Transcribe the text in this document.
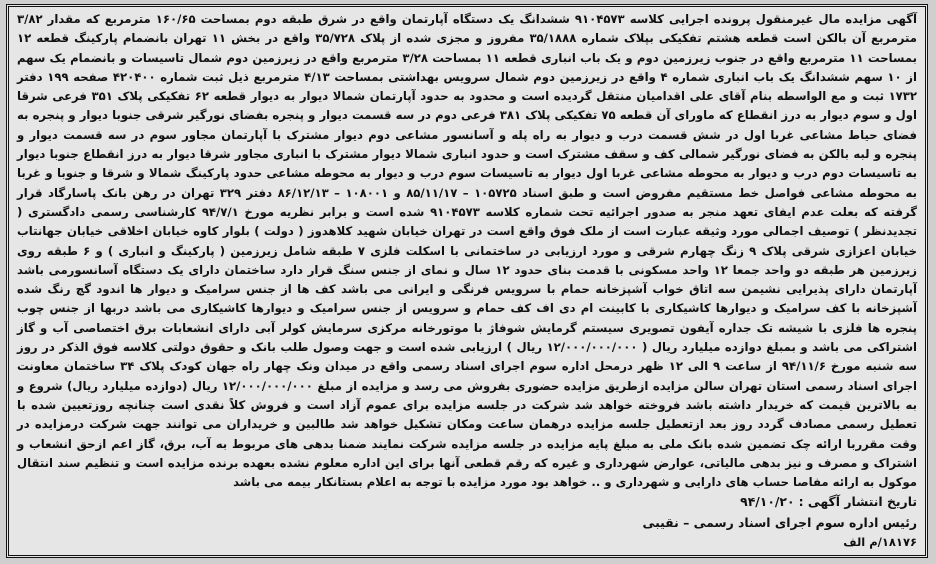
آگهی مزایده مال غیرمنقول پرونده اجرایی کلاسه ۹۱۰۴۵۷۳ ششدانگ یک دستگاه آپارتمان واقع در شرق طبقه دوم بمساحت ۱۶۰/۶۵ مترمربع که مقدار ۳/۸۲ مترمربع آن بالکن است قطعه هشتم تفکیکی بپلاک شماره ۳۵/۱۸۸۸ مفروز و مجزی شده از پلاک ۳۵/۷۲۸ واقع در بخش ۱۱ تهران بانضمام پارکینگ قطعه ۱۲ بمساحت ۱۱ مترمربع واقع در جنوب زیرزمین دوم و یک باب انباری قطعه ۱۱ بمساحت ۳/۲۸ مترمربع واقع در زیرزمین دوم شمال تاسیسات و بانضمام یک سهم از ۱۰ سهم ششدانگ یک باب انباری شماره ۴ واقع در زیرزمین دوم شمال سرویس بهداشتی بمساحت ۴/۱۳ مترمربع ذیل ثبت شماره ۴۲۰۴۰۰ صفحه ۱۹۹ دفتر ۱۷۳۲ ثبت و مع الواسطه بنام آقای علی اقدامیان منتقل گردیده است و محدود به حدود آپارتمان شمالا دیوار به دیوار قطعه ۶۲ تفکیکی پلاک ۳۵۱ فرعی شرقا اول و سوم دیوار به درز انقطاع که ماورای آن قطعه ۷۵ تفکیکی پلاک ۳۸۱ فرعی دوم در سه قسمت دیوار و پنجره بفضای نورگیر شرقی جنوبا دیوار و پنجره به فضای حیاط مشاعی غربا اول در شش قسمت درب و دیوار به راه پله و آسانسور مشاعی دوم دیوار مشترک با آپارتمان مجاور سوم در سه قسمت دیوار و پنجره و لبه بالکن به فضای نورگیر شمالی کف و سقف مشترک است و حدود انباری شمالا دیوار مشترک با انباری مجاور شرقا دیوار به درز انقطاع جنوبا دیوار به تاسیسات دوم درب و دیوار به محوطه مشاعی غربا اول دیوار به تاسیسات سوم درب و دیوار به محوطه مشاعی حدود پارکینگ شمالا و شرقا و جنوبا و غربا به محوطه مشاعی فواصل خط مستقیم مفروض است و طبق اسناد ۱۰۵۷۲۵ – ۸۵/۱۱/۱۷ و ۱۰۸۰۰۱ – ۸۶/۱۲/۱۳ دفتر ۳۲۹ تهران در رهن بانک پاسارگاد قرار گرفته که بعلت عدم ایفای تعهد منجر به صدور اجرائیه تحت شماره کلاسه ۹۱۰۴۵۷۳ شده است و برابر نظریه مورخ ۹۴/۷/۱ کارشناسی رسمی دادگستری ( تجدیدنظر ) توصیف اجمالی مورد وثیقه عبارت است از ملک فوق واقع است در تهران خیابان شهید کلاهدوز ( دولت ) بلوار کاوه خیابان اخلاقی خیابان جهانتاب خیابان اعزازی شرقی پلاک ۹ زنگ چهارم شرقی و مورد ارزیابی در ساختمانی با اسکلت فلزی ۷ طبقه شامل زیرزمین ( پارکینگ و انباری ) و ۶ طبقه روی زیرزمین هر طبقه دو واحد جمعا ۱۲ واحد مسکونی با قدمت بنای حدود ۱۲ سال و نمای از جنس سنگ قرار دارد ساختمان دارای یک دستگاه آسانسورمی باشد آپارتمان دارای پذیرایی نشیمن سه اتاق خواب آشپزخانه حمام با سرویس فرنگی و ایرانی می باشد کف ها از جنس سرامیک و دیوار ها اندود گچ رنگ شده آشپزخانه با کف سرامیک و دیوارها کاشیکاری با کابینت ام دی اف کف حمام و سرویس از جنس سرامیک و دیوارها کاشیکاری می باشد دربها از جنس چوب پنجره ها فلزی با شیشه تک جداره آیفون تصویری سیستم گرمایش شوفاژ با موتورخانه مرکزی سرمایش کولر آبی دارای انشعابات برق اختصاصی آب و گاز اشتراکی می باشد و بمبلغ دوازده میلیارد ریال ( ۱۲/۰۰۰/۰۰۰/۰۰۰ ریال ) ارزیابی شده است و جهت وصول طلب بانک و حقوق دولتی کلاسه فوق الذکر در روز سه شنبه مورخ ۹۴/۱۱/۶ از ساعت ۹ الی ۱۲ ظهر درمحل اداره سوم اجرای اسناد رسمی واقع در میدان ونک چهار راه جهان کودک پلاک ۳۴ ساختمان معاونت اجرای اسناد رسمی استان تهران سالن مزایده ازطریق مزایده حضوری بفروش می رسد و مزایده از مبلغ ۱۲/۰۰۰/۰۰۰/۰۰۰ ریال (دوازده میلیارد ریال) شروع و به بالاترین قیمت که خریدار داشته باشد فروخته خواهد شد شرکت در جلسه مزایده برای عموم آزاد است و فروش کلاً نقدی است چنانچه روزتعیین شده با تعطیل رسمی مصادف گردد روز بعد ازتعطیل جلسه مزایده درهمان ساعت ومکان تشکیل خواهد شد طالبین و خریداران می توانند جهت شرکت درمزایده در وقت مقرربا ارائه چک تضمین شده بانک ملی به مبلغ پایه مزایده در جلسه مزایده شرکت نمایند ضمنا بدهی های مربوط به آب، برق، گاز اعم ازحق انشعاب و اشتراک و مصرف و نیز بدهی مالیاتی، عوارض شهرداری و غیره که رقم قطعی آنها برای این اداره معلوم نشده بعهده برنده مزایده است و تنظیم سند انتقال موکول به ارائه مفاصا حساب های دارایی و شهرداری و .. خواهد بود مورد مزایده با توجه به اعلام بستانکار بیمه می باشد

تاریخ انتشار آگهی :
۹۴/۱۰/۲۰
رئیس اداره سوم اجرای اسناد رسمی – نقیبی
۱۸۱۷۶/م الف
